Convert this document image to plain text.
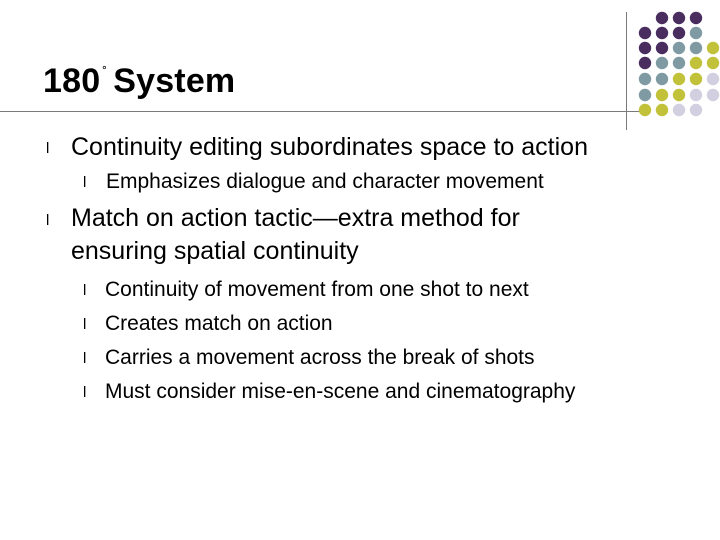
180 ˚ System
l Continuity editing subordinates space to action
l Emphasizes dialogue and character movement
l Match on action tactic—extra method for
ensuring spatial continuity
l Continuity of movement from one shot to next
l Creates match on action
l Carries a movement across the break of shots
l Must consider mise-en-scene and cinematography
